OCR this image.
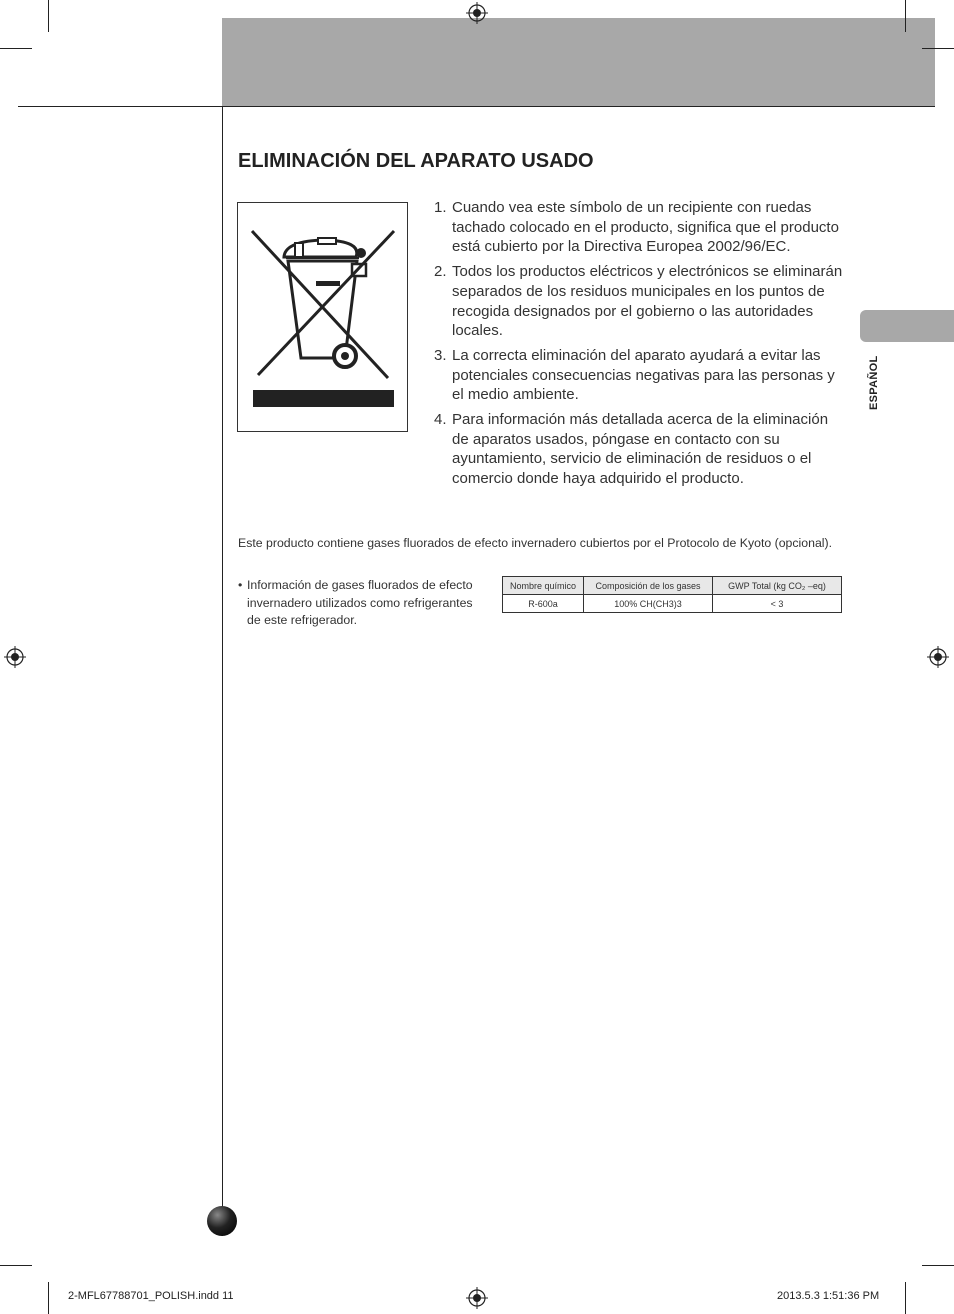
ESPAÑOL
ELIMINACIÓN DEL APARATO USADO
1. Cuando vea este símbolo de un recipiente con ruedas tachado colocado en el producto, significa que el producto está cubierto por la Directiva Europea 2002/96/EC.
2. Todos los productos eléctricos y electrónicos se eliminarán separados de los residuos municipales en los puntos de recogida designados por el gobierno o las autoridades locales.
3. La correcta eliminación del aparato ayudará a evitar las potenciales consecuencias negativas para las personas y el medio ambiente.
4. Para información más detallada acerca de la eliminación de aparatos usados, póngase en contacto con su ayuntamiento, servicio de eliminación de residuos o el comercio donde haya adquirido el producto.
Este producto contiene gases fluorados de efecto invernadero cubiertos por el Protocolo de Kyoto (opcional).
• Información de gases fluorados de efecto invernadero utilizados como refrigerantes de este refrigerador.
Nombre químico	Composición de los gases	GWP Total (kg CO₂ –eq)
R-600a	100% CH(CH3)3	< 3
2-MFL67788701_POLISH.indd 11	2013.5.3 1:51:36 PM
